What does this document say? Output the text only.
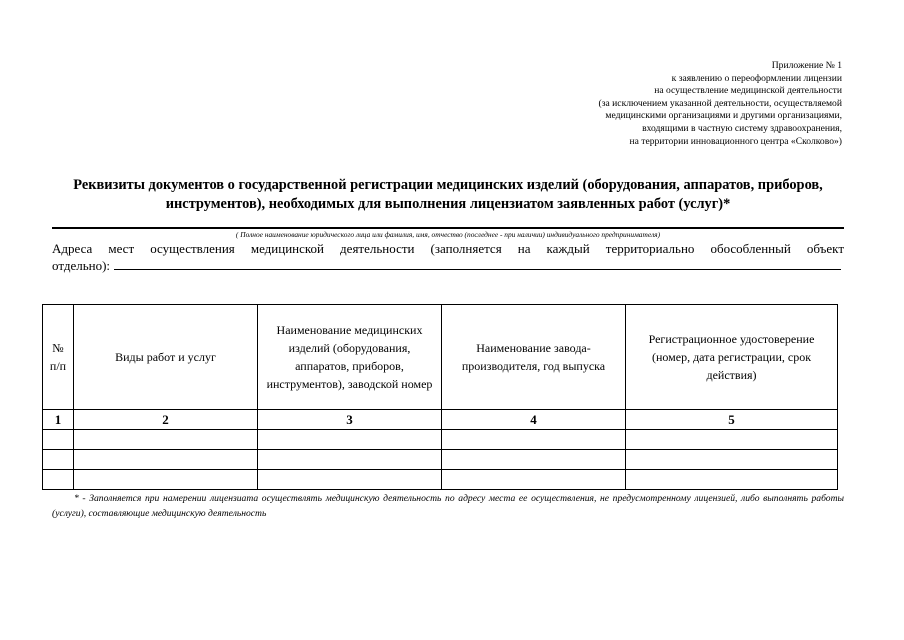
Приложение № 1
к заявлению о переоформлении лицензии
на осуществление медицинской деятельности
(за исключением указанной деятельности, осуществляемой
медицинскими организациями и другими организациями,
входящими в частную систему здравоохранения,
на территории инновационного центра «Сколково»)
Реквизиты документов о государственной регистрации медицинских изделий (оборудования, аппаратов, приборов, инструментов), необходимых для выполнения лицензиатом заявленных работ (услуг)*
( Полное наименование юридического лица или фамилия, имя, отчество (последнее - при наличии) индивидуального предпринимателя)
Адреса мест осуществления медицинской деятельности (заполняется на каждый территориально обособленный объект
отдельно):
№ п/п	Виды работ и услуг	Наименование медицинских изделий (оборудования, аппаратов, приборов, инструментов), заводской номер	Наименование завода-производителя, год выпуска	Регистрационное удостоверение (номер, дата регистрации, срок действия)
1	2	3	4	5

* - Заполняется при намерении лицензиата осуществлять медицинскую деятельность по адресу места ее осуществления, не предусмотренному лицензией, либо выполнять работы (услуги), составляющие медицинскую деятельность
